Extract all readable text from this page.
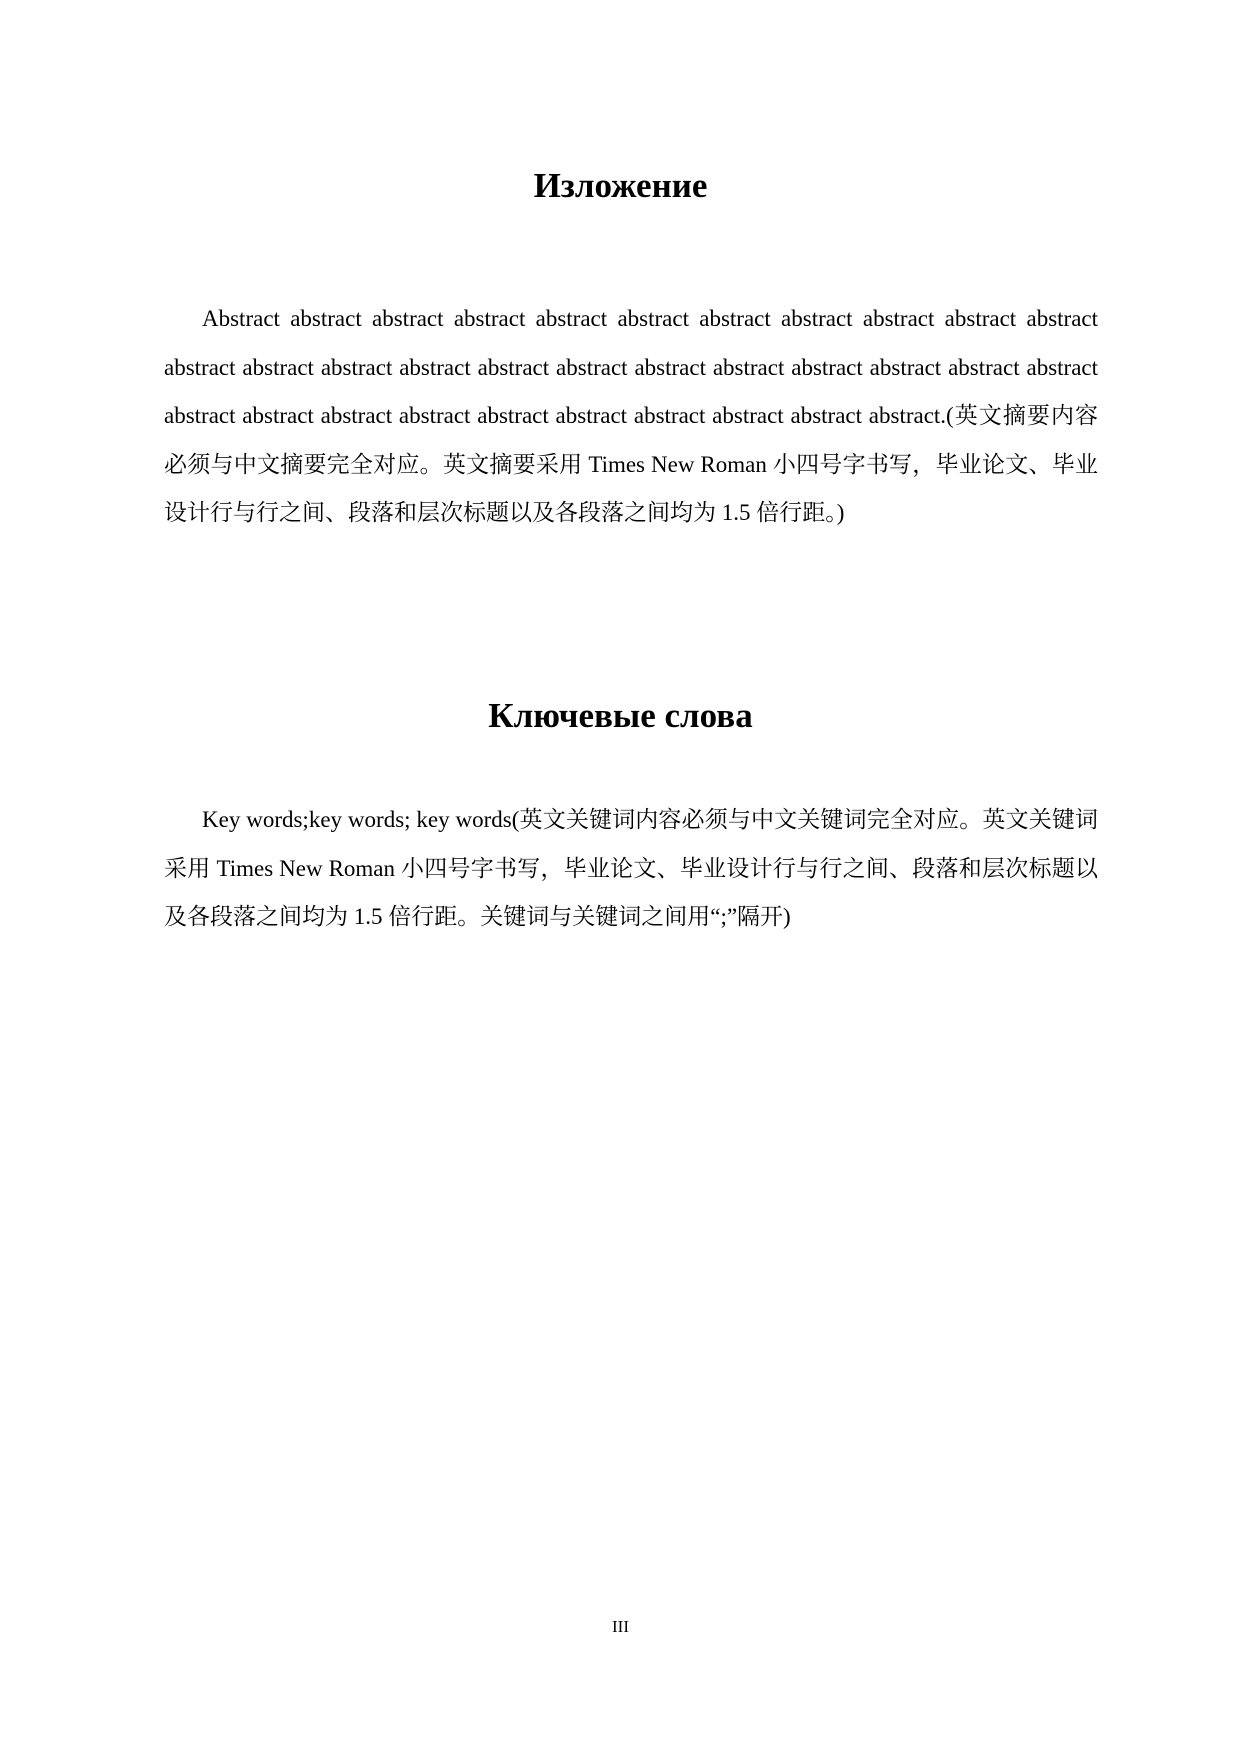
Изложение

Abstract abstract abstract abstract abstract abstract abstract abstract abstract abstract abstract abstract abstract abstract abstract abstract abstract abstract abstract abstract abstract abstract abstract abstract abstract abstract abstract abstract abstract abstract abstract abstract abstract.(英文摘要内容必须与中文摘要完全对应。英文摘要采用 Times New Roman 小四号字书写，毕业论文、毕业设计行与行之间、段落和层次标题以及各段落之间均为 1.5 倍行距。)

Ключевые слова

Key words;key words; key words(英文关键词内容必须与中文关键词完全对应。英文关键词采用 Times New Roman 小四号字书写，毕业论文、毕业设计行与行之间、段落和层次标题以及各段落之间均为 1.5 倍行距。关键词与关键词之间用“;”隔开)

III
